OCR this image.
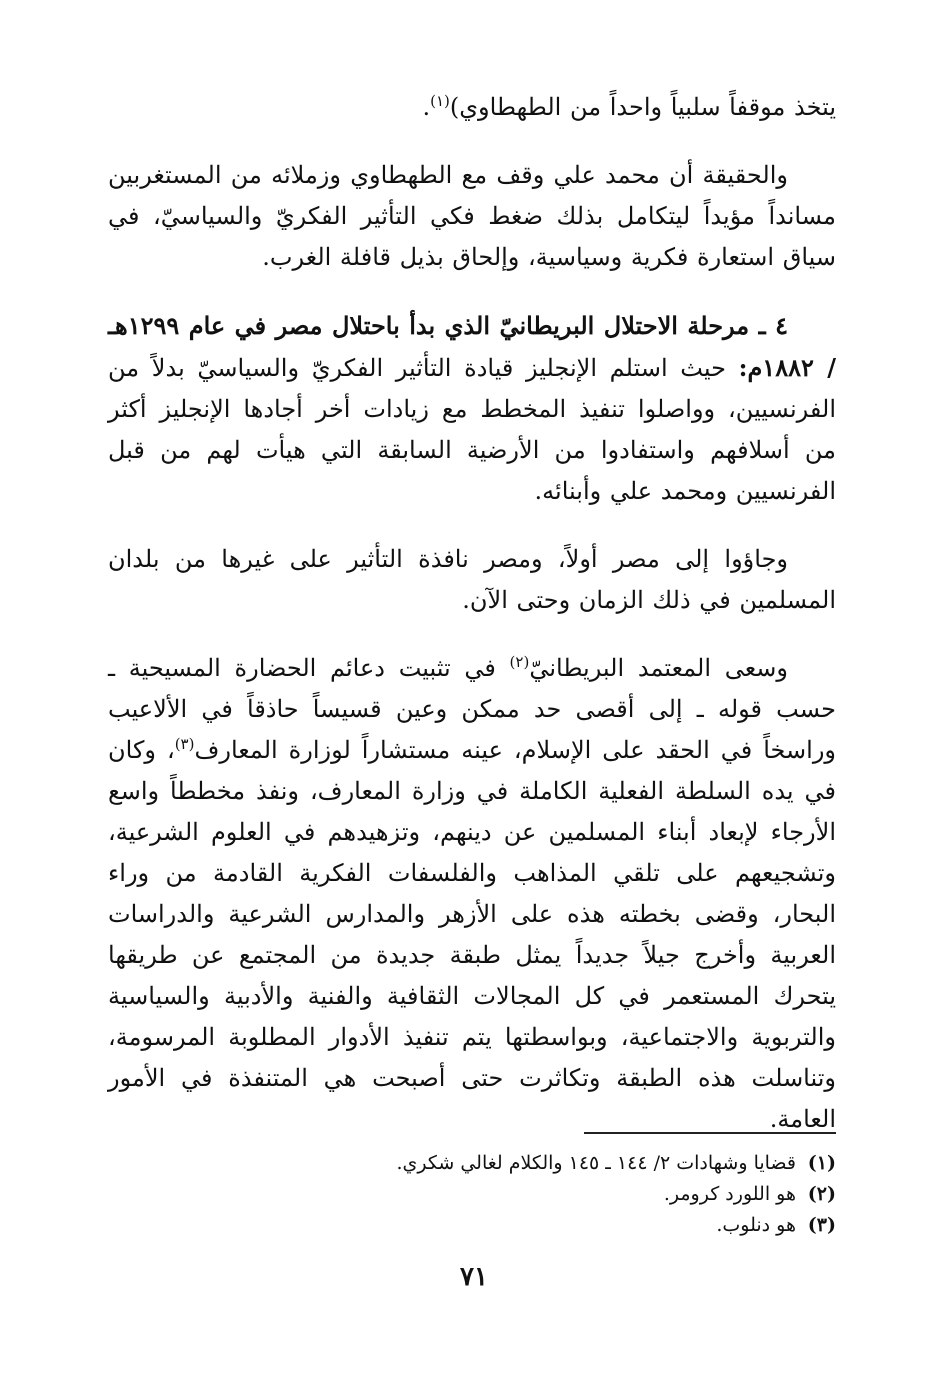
يتخذ موقفاً سلبياً واحداً من الطهطاوي)$^{(١)}$.

والحقيقة أن محمد علي وقف مع الطهطاوي وزملائه من المستغربين مسانداً مؤيداً ليتكامل بذلك ضغط فكي التأثير الفكريّ والسياسيّ، في سياق استعارة فكرية وسياسية، وإلحاق بذيل قافلة الغرب.

٤ ـ مرحلة الاحتلال البريطانيّ الذي بدأ باحتلال مصر في عام ١٢٩٩هـ / ١٨٨٢م: حيث استلم الإنجليز قيادة التأثير الفكريّ والسياسيّ بدلاً من الفرنسيين، وواصلوا تنفيذ المخطط مع زيادات أخر أجادها الإنجليز أكثر من أسلافهم واستفادوا من الأرضية السابقة التي هيأت لهم من قبل الفرنسيين ومحمد علي وأبنائه.

وجاؤوا إلى مصر أولاً، ومصر نافذة التأثير على غيرها من بلدان المسلمين في ذلك الزمان وحتى الآن.

وسعى المعتمد البريطانيّ$^{(٢)}$ في تثبيت دعائم الحضارة المسيحية ـ حسب قوله ـ إلى أقصى حد ممكن وعين قسيساً حاذقاً في الألاعيب وراسخاً في الحقد على الإسلام، عينه مستشاراً لوزارة المعارف$^{(٣)}$، وكان في يده السلطة الفعلية الكاملة في وزارة المعارف، ونفذ مخططاً واسع الأرجاء لإبعاد أبناء المسلمين عن دينهم، وتزهيدهم في العلوم الشرعية، وتشجيعهم على تلقي المذاهب والفلسفات الفكرية القادمة من وراء البحار، وقضى بخطته هذه على الأزهر والمدارس الشرعية والدراسات العربية وأخرج جيلاً جديداً يمثل طبقة جديدة من المجتمع عن طريقها يتحرك المستعمر في كل المجالات الثقافية والفنية والأدبية والسياسية والتربوية والاجتماعية، وبواسطتها يتم تنفيذ الأدوار المطلوبة المرسومة، وتناسلت هذه الطبقة وتكاثرت حتى أصبحت هي المتنفذة في الأمور العامة.

(١)قضايا وشهادات ٢/ ١٤٤ ـ ١٤٥ والكلام لغالي شكري.

(٢)هو اللورد كرومر.

(٣)هو دنلوب.

٧١
